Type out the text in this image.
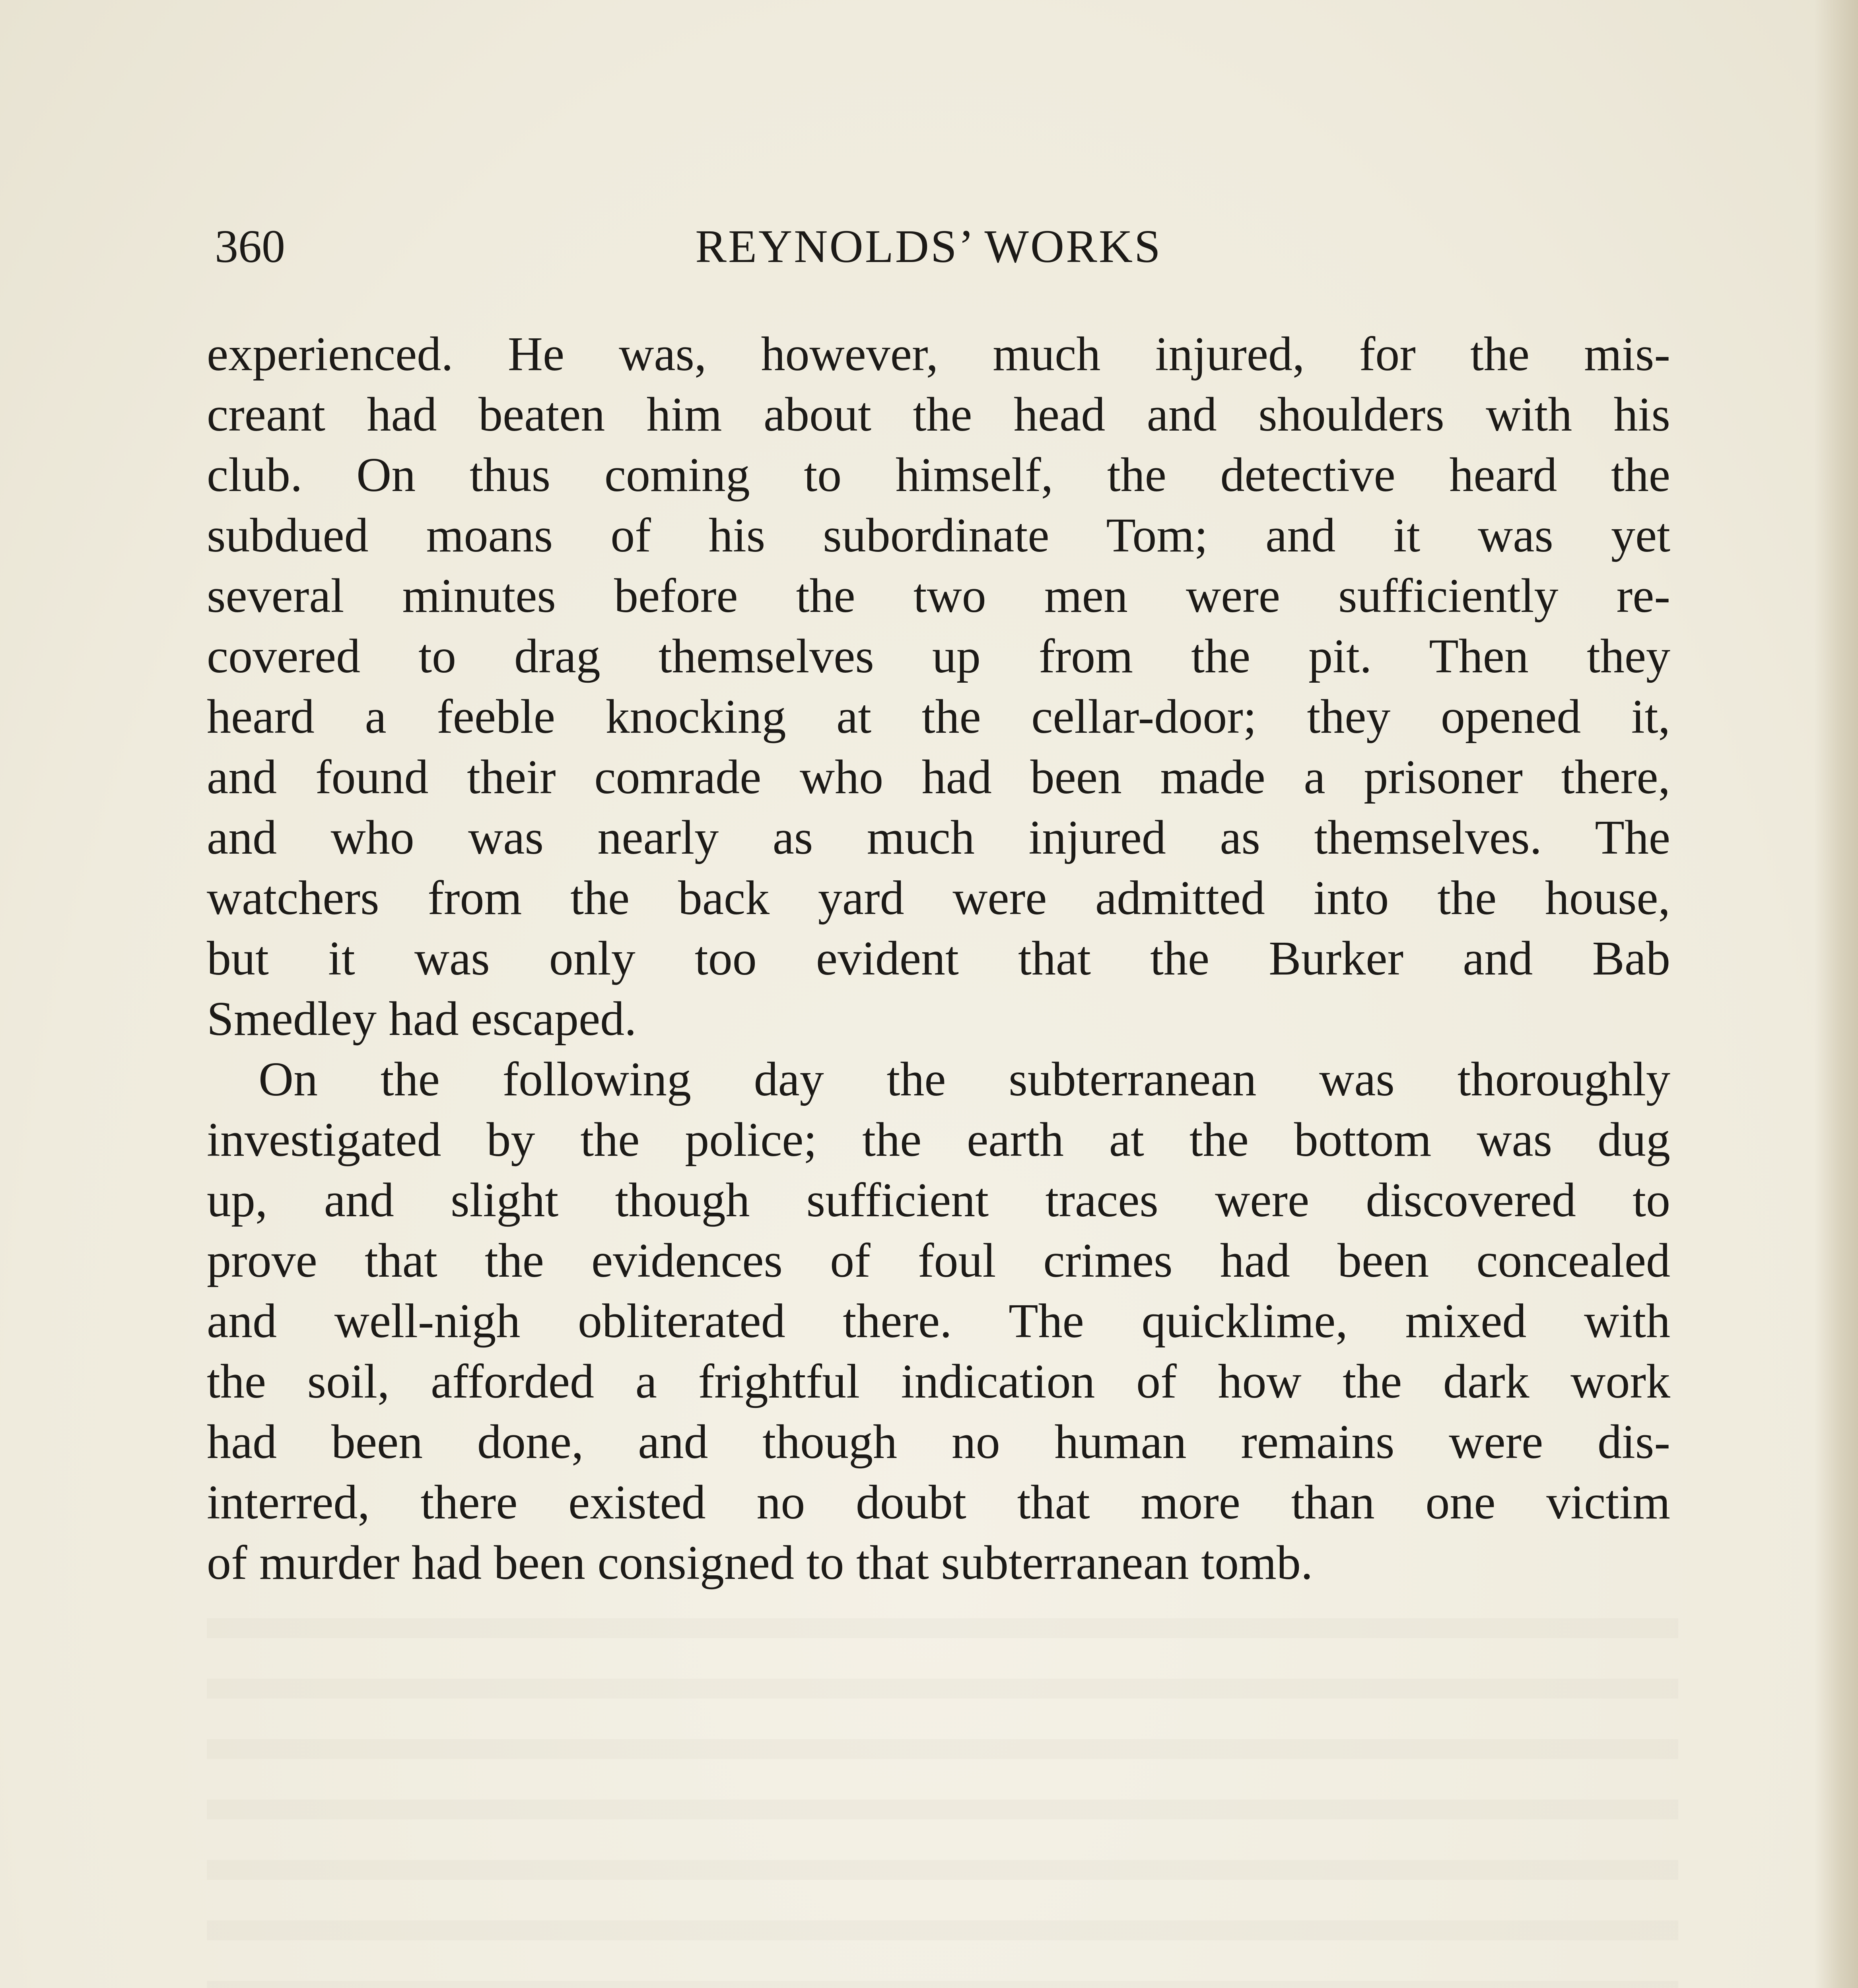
360	REYNOLDS’ WORKS
experienced. He was, however, much injured, for the mis-
creant had beaten him about the head and shoulders with his
club. On thus coming to himself, the detective heard the
subdued moans of his subordinate Tom; and it was yet
several minutes before the two men were sufficiently re-
covered to drag themselves up from the pit. Then they
heard a feeble knocking at the cellar-door; they opened it,
and found their comrade who had been made a prisoner there,
and who was nearly as much injured as themselves. The
watchers from the back yard were admitted into the house,
but it was only too evident that the Burker and Bab
Smedley had escaped.
On the following day the subterranean was thoroughly
investigated by the police; the earth at the bottom was dug
up, and slight though sufficient traces were discovered to
prove that the evidences of foul crimes had been concealed
and well-nigh obliterated there. The quicklime, mixed with
the soil, afforded a frightful indication of how the dark work
had been done, and though no human remains were dis-
interred, there existed no doubt that more than one victim
of murder had been consigned to that subterranean tomb.
